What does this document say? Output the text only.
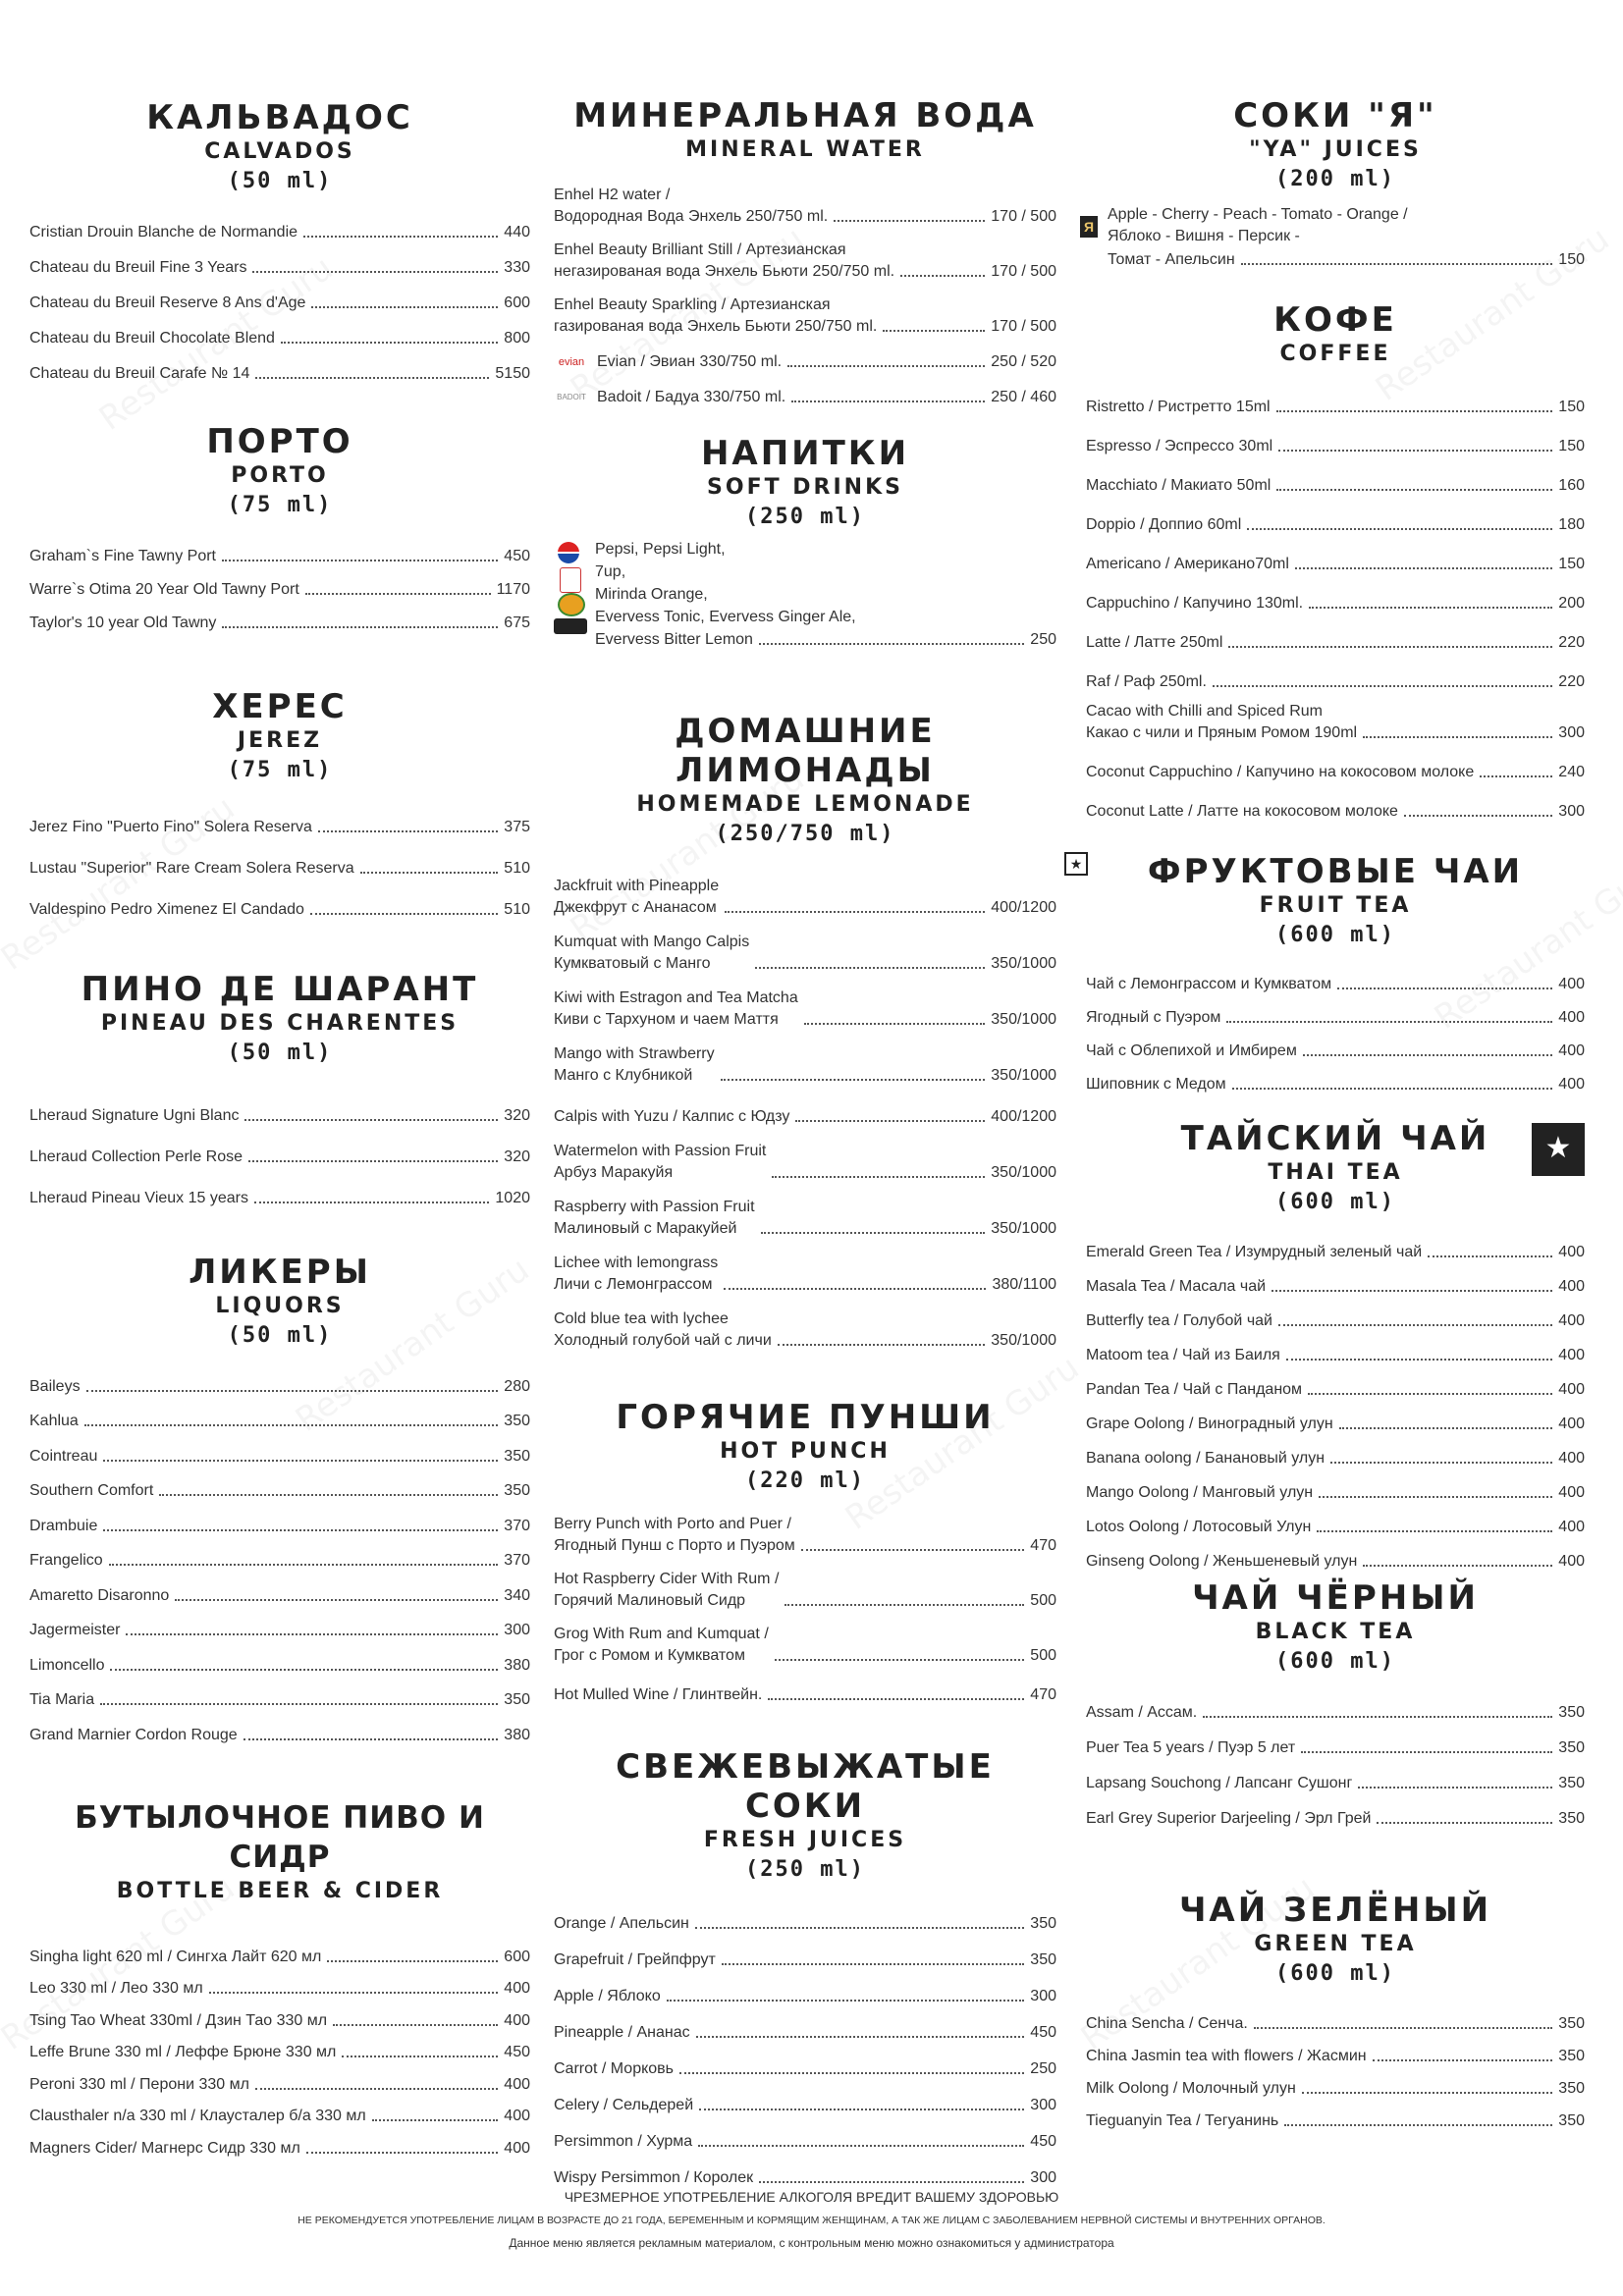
КАЛЬВАДОС
CALVADOS
(50 ml)
Cristian Drouin Blanche de Normandie	440
Chateau du Breuil Fine 3 Years	330
Chateau du Breuil Reserve 8 Ans d'Age	600
Chateau du Breuil Chocolate Blend	800
Chateau du Breuil Carafe № 14	5150
ПОРТО
PORTO
(75 ml)
Graham`s Fine Tawny Port	450
Warre`s Otima 20 Year Old Tawny Port	1170
Taylor's 10 year Old Tawny	675
ХЕРЕС
JEREZ
(75 ml)
Jerez Fino "Puerto Fino" Solera Reserva	375
Lustau "Superior" Rare Cream Solera Reserva	510
Valdespino Pedro Ximenez El Candado	510
ПИНО ДЕ ШАРАНТ
PINEAU DES CHARENTES
(50 ml)
Lheraud Signature Ugni Blanc	320
Lheraud Collection Perle Rose	320
Lheraud Pineau Vieux 15 years	1020
ЛИКЕРЫ
LIQUORS
(50 ml)
Baileys	280
Kahlua	350
Cointreau	350
Southern Comfort	350
Drambuie	370
Frangelico	370
Amaretto Disaronno	340
Jagermeister	300
Limoncello	380
Tia Maria	350
Grand Marnier Cordon Rouge	380
БУТЫЛОЧНОЕ ПИВО И СИДР
BOTTLE BEER & CIDER
Singha light 620 ml / Сингха Лайт 620 мл	600
Leo 330 ml / Лео 330 мл	400
Tsing Tao Wheat 330ml / Дзин Тао 330 мл	400
Leffe Brune 330 ml / Леффе Брюне 330 мл	450
Peroni 330 ml / Перони 330 мл	400
Clausthaler n/a 330 ml / Клаусталер б/а 330 мл	400
Magners Cider/ Магнерс Сидр 330 мл	400
МИНЕРАЛЬНАЯ ВОДА
MINERAL WATER
Enhel H2 water /
Водородная Вода Энхель 250/750 ml.	170 / 500
Enhel Beauty Brilliant Still / Артезианская
негазированая вода Энхель Бьюти 250/750 ml.	170 / 500
Enhel Beauty Sparkling / Артезианская
газированая вода Энхель Бьюти 250/750 ml.	170 / 500
evian Evian / Эвиан 330/750 ml.	250 / 520
BADOIT Badoit / Бадуа 330/750 ml.	250 / 460
НАПИТКИ
SOFT DRINKS
(250 ml)
Pepsi, Pepsi Light,
7up,
Mirinda Orange,
Evervess Tonic, Evervess Ginger Ale,
Evervess Bitter Lemon	250
ДОМАШНИЕ ЛИМОНАДЫ
HOMEMADE LEMONADE
(250/750 ml)
Jackfruit with Pineapple
Джекфрут с Ананасом	400/1200
Kumquat with Mango Calpis
Кумкватовый с Манго	350/1000
Kiwi with Estragon and Tea Matcha
Киви с Тархуном и чаем Маття	350/1000
Mango with Strawberry
Манго с Клубникой	350/1000
Calpis with Yuzu / Калпис с Юдзу	400/1200
Watermelon with Passion Fruit
Арбуз Маракуйя	350/1000
Raspberry with Passion Fruit
Малиновый с Маракуйей	350/1000
Lichee with lemongrass
Личи с Лемонграссом	380/1100
Cold blue tea with lychee
Холодный голубой чай с личи	350/1000
ГОРЯЧИЕ ПУНШИ
HOT PUNCH
(220 ml)
Berry Punch with Porto and Puer /
Ягодный Пунш с Порто и Пуэром	470
Hot Raspberry Cider With Rum /
Горячий Малиновый Сидр	500
Grog With Rum and Kumquat /
Грог с Ромом и Кумкватом	500
Hot Mulled Wine / Глинтвейн.	470
СВЕЖЕВЫЖАТЫЕ СОКИ
FRESH JUICES
(250 ml)
Orange / Апельсин	350
Grapefruit / Грейпфрут	350
Apple / Яблоко	300
Pineapple / Ананас	450
Carrot / Морковь	250
Celery / Сельдерей	300
Persimmon / Хурма	450
Wispy Persimmon / Королек	300
★
СОКИ "Я"
"YA" JUICES
(200 ml)
Я
Apple - Cherry - Peach - Tomato - Orange /
Яблоко - Вишня - Персик -
Томат - Апельсин	150
КОФЕ
COFFEE
Ristretto / Ристретто 15ml	150
Espresso / Эспрессо 30ml	150
Macchiato / Макиато 50ml	160
Doppio / Доппио 60ml	180
Americano / Американо70ml	150
Cappuchino / Капучино 130ml.	200
Latte / Латте 250ml	220
Raf / Раф 250ml.	220
Cacao with Chilli and Spiced Rum
Какао с чили и Пряным Ромом 190ml	300
Coconut Cappuchino / Капучино на кокосовом молоке	240
Coconut Latte / Латте на кокосовом молоке	300
ФРУКТОВЫЕ ЧАИ
FRUIT TEA
(600 ml)
Чай с Лемонграссом и Кумкватом	400
Ягодный с Пуэром	400
Чай с Облепихой и Имбирем	400
Шиповник с Медом	400
ТАЙСКИЙ ЧАЙ
THAI TEA
(600 ml)
Emerald Green Tea / Изумрудный зеленый чай	400
Masala Tea / Масала чай	400
Butterfly tea / Голубой чай	400
Matoom tea / Чай из Баиля	400
Pandan Tea / Чай с Панданом	400
Grape Oolong / Виноградный улун	400
Banana oolong / Банановый улун	400
Mango Oolong / Манговый улун	400
Lotos Oolong / Лотосовый Улун	400
Ginseng Oolong / Женьшеневый улун	400
ЧАЙ ЧЁРНЫЙ
BLACK TEA
(600 ml)
Assam / Ассам.	350
Puer Tea 5 years / Пуэр 5 лет	350
Lapsang Souchong / Лапсанг Сушонг	350
Earl Grey Superior Darjeeling / Эрл Грей	350
ЧАЙ ЗЕЛЁНЫЙ
GREEN TEA
(600 ml)
China Sencha / Сенча.	350
China Jasmin tea with flowers / Жасмин	350
Milk Oolong / Молочный улун	350
Tieguanyin Tea / Тегуанинь	350
★
ЧРЕЗМЕРНОЕ УПОТРЕБЛЕНИЕ АЛКОГОЛЯ ВРЕДИТ ВАШЕМУ ЗДОРОВЬЮ
НЕ РЕКОМЕНДУЕТСЯ УПОТРЕБЛЕНИЕ ЛИЦАМ В ВОЗРАСТЕ ДО 21 ГОДА, БЕРЕМЕННЫМ И КОРМЯЩИМ ЖЕНЩИНАМ, А ТАК ЖЕ ЛИЦАМ С ЗАБОЛЕВАНИЕМ НЕРВНОЙ СИСТЕМЫ И ВНУТРЕННИХ ОРГАНОВ.
Данное меню является рекламным материалом, с контрольным меню можно ознакомиться у администратора
